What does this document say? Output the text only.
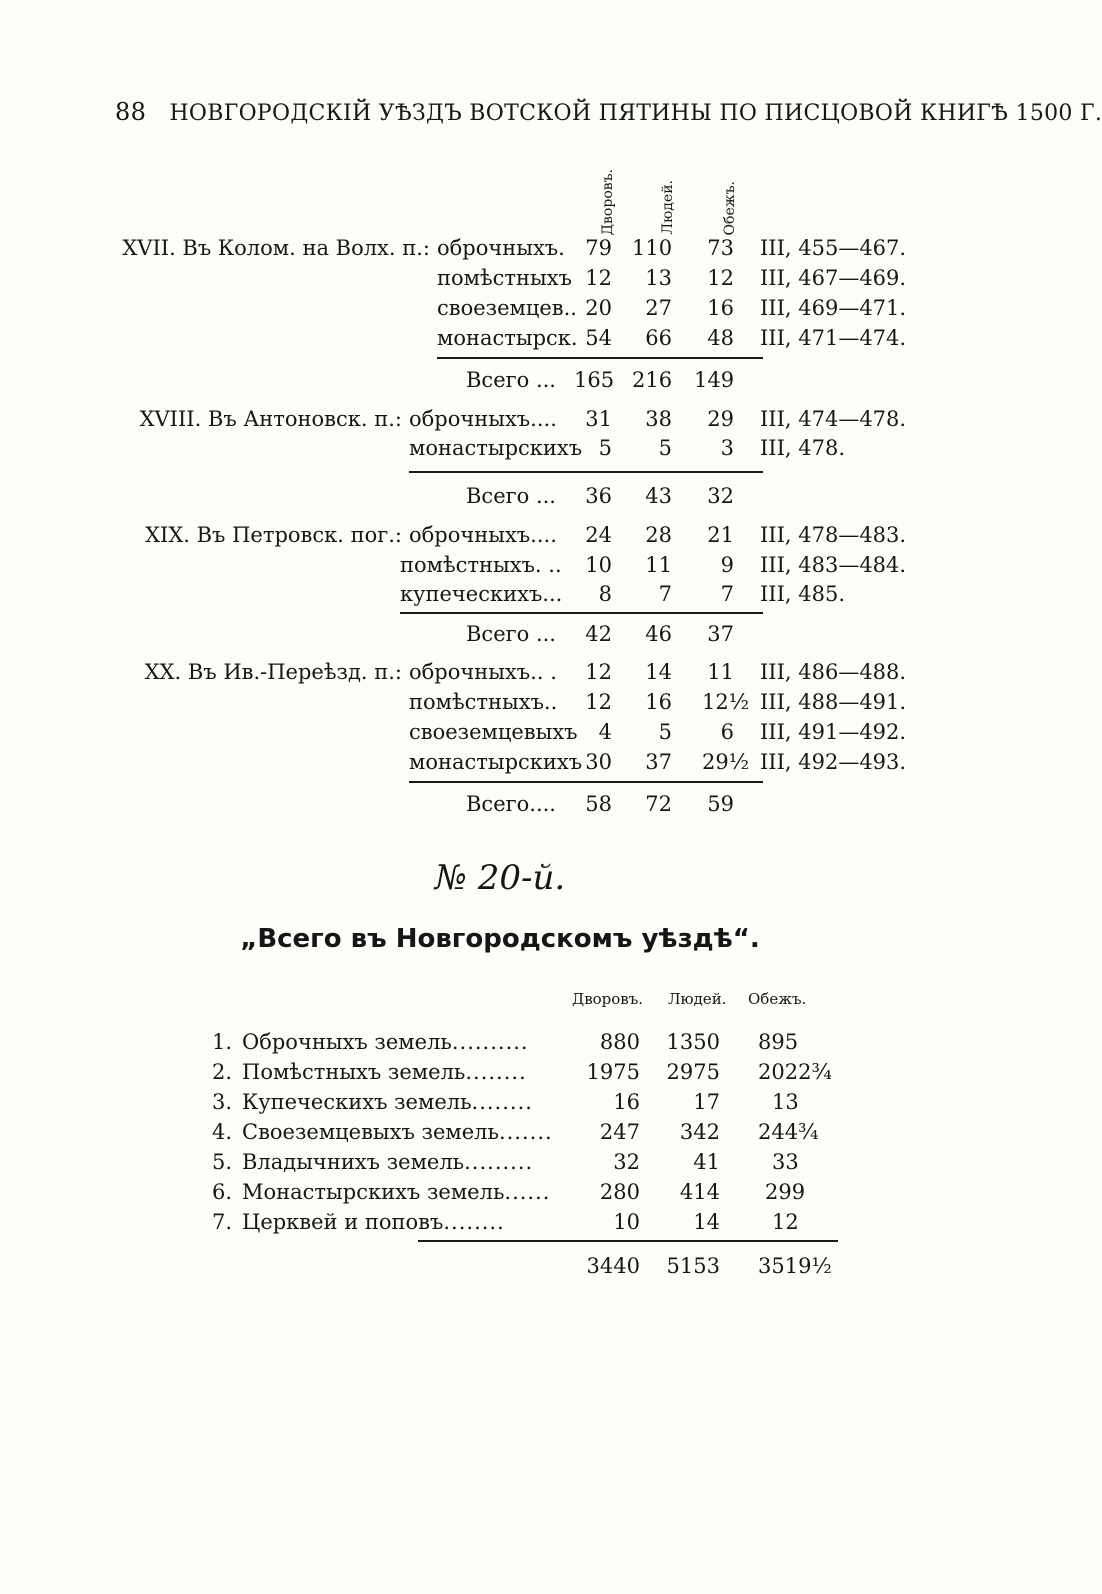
88 НОВГОРОДСКІЙ УѢЗДЪ ВОТСКОЙ ПЯТИНЫ ПО ПИСЦОВОЙ КНИГѢ 1500 Г.
Дворовъ.	Людей.	Обежъ.
XVII. Въ Колом. на Волх. п.: оброчныхъ. 79 110	73 III, 455—467.
помѣстныхъ 12	13	12 III, 467—469.
своеземцев.. 20	27	16 III, 469—471.
монастырск. 54	66	48 III, 471—474.
Всего ... 165 216 149
XVIII. Въ Антоновск. п.: оброчныхъ.... 31	38	29 III, 474—478.
монастырскихъ 5	5	3 III, 478.
Всего ...	36	43	32
XIX. Въ Петровск. пог.: оброчныхъ.... 24	28	21 III, 478—483.
помѣстныхъ. .. 10	11	9 III, 483—484.
купеческихъ...	8	7	7 III, 485.
Всего ...	42	46	37
XX. Въ Ив.-Переѣзд. п.: оброчныхъ.. . 12	14	11 III, 486—488.
помѣстныхъ.. 12	16 12½ III, 488—491.
своеземцевыхъ	4	5	6 III, 491—492.
монастырскихъ 30	37 29½ III, 492—493.
Всего....	58	72	59
№ 20-й.
„Всего въ Новгородскомъ уѣздѣ“.
Дворовъ. Людей. Обежъ.
1. Оброчныхъ земель..........	880	1350 895
2. Помѣстныхъ земель........	1975	2975 2022¾
3. Купеческихъ земель........	16	17 13
4. Своеземцевыхъ земель.......	247	342 244¾
5. Владычнихъ земель.........	32	41 33
6. Монастырскихъ земель......	280	414 299
7. Церквей и поповъ........	10	14 12
3440	5153 3519½
